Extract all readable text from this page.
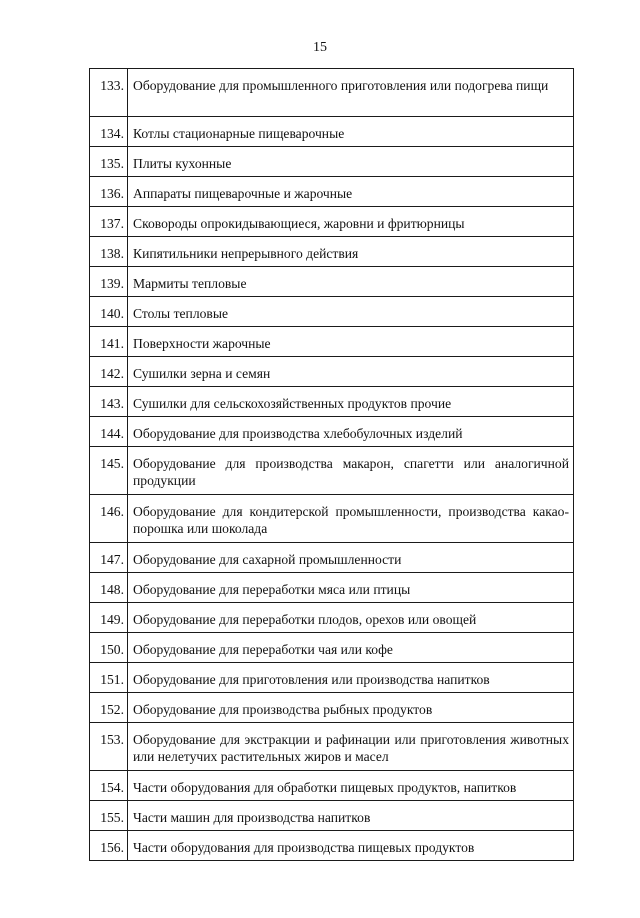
15
133.	Оборудование для промышленного приготовления или подогрева пищи
134.	Котлы стационарные пищеварочные
135.	Плиты кухонные
136.	Аппараты пищеварочные и жарочные
137.	Сковороды опрокидывающиеся, жаровни и фритюрницы
138.	Кипятильники непрерывного действия
139.	Мармиты тепловые
140.	Столы тепловые
141.	Поверхности жарочные
142.	Сушилки зерна и семян
143.	Сушилки для сельскохозяйственных продуктов прочие
144.	Оборудование для производства хлебобулочных изделий
145.	Оборудование для производства макарон, спагетти или аналогичной продукции
146.	Оборудование для кондитерской промышленности, производства какао-порошка или шоколада
147.	Оборудование для сахарной промышленности
148.	Оборудование для переработки мяса или птицы
149.	Оборудование для переработки плодов, орехов или овощей
150.	Оборудование для переработки чая или кофе
151.	Оборудование для приготовления или производства напитков
152.	Оборудование для производства рыбных продуктов
153.	Оборудование для экстракции и рафинации или приготовления животных или нелетучих растительных жиров и масел
154.	Части оборудования для обработки пищевых продуктов, напитков
155.	Части машин для производства напитков
156.	Части оборудования для производства пищевых продуктов
